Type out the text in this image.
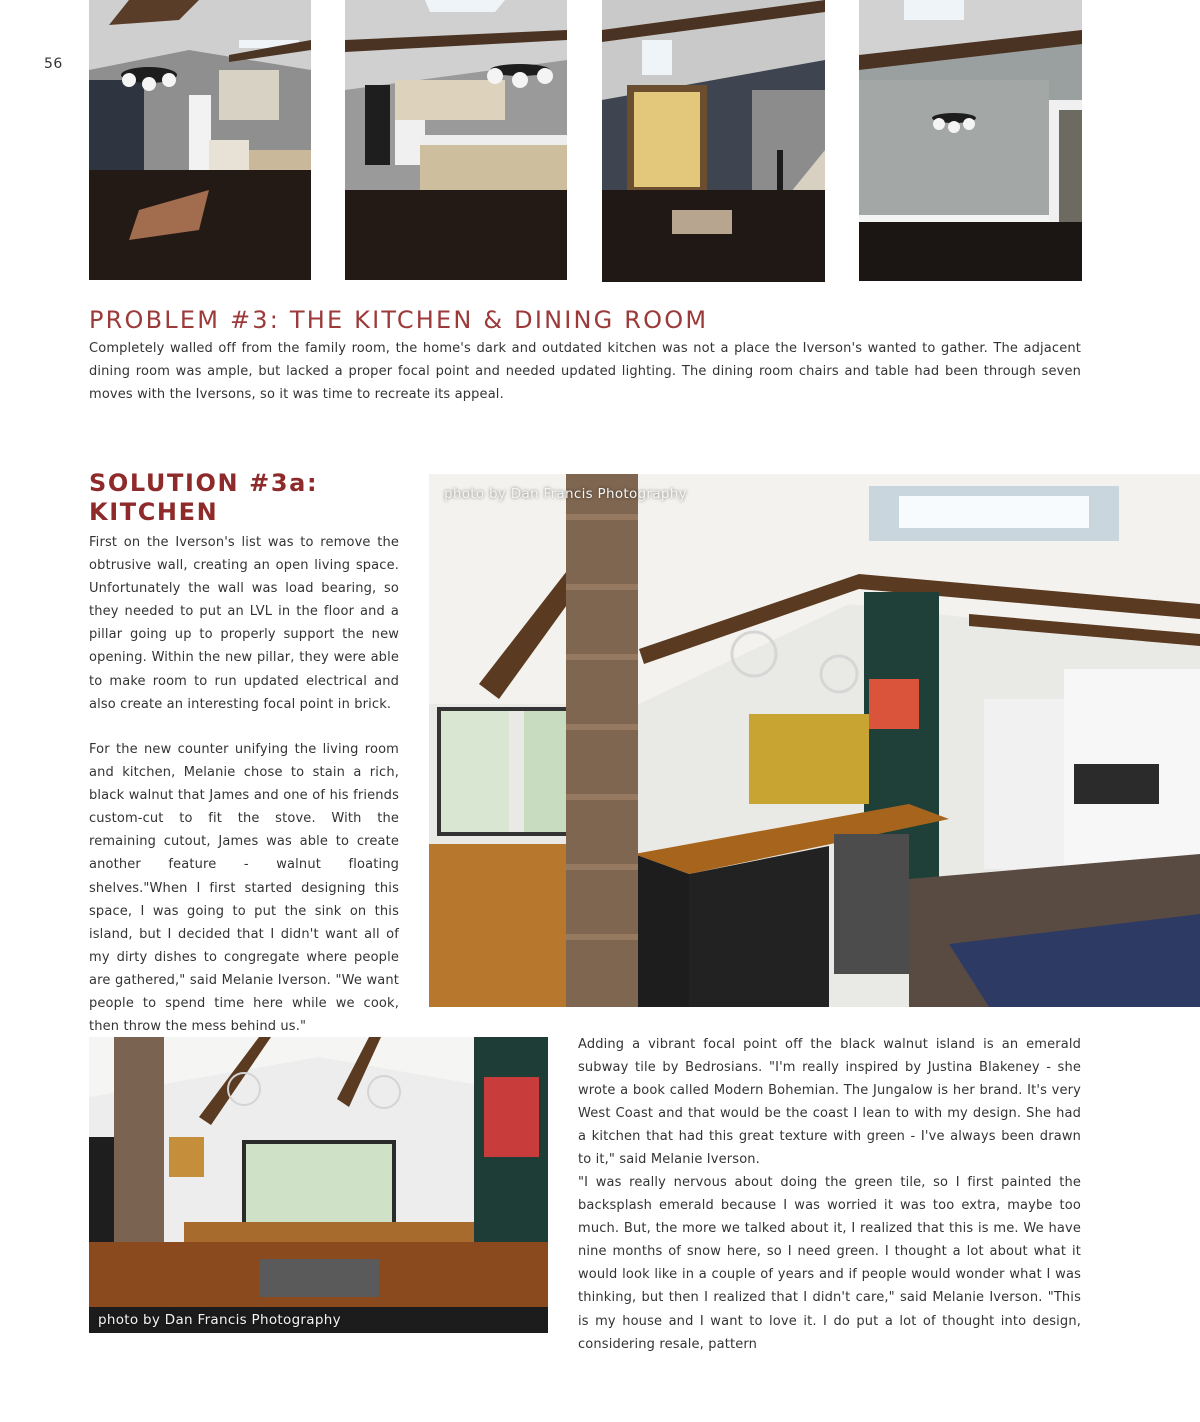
56
PROBLEM #3: THE KITCHEN & DINING ROOM

Completely walled off from the family room, the home's dark and outdated kitchen was not a place the Iverson's wanted to gather. The adjacent dining room was ample, but lacked a proper focal point and needed updated lighting. The dining room chairs and table had been through seven moves with the Iversons, so it was time to recreate its appeal.

SOLUTION #3a:
KITCHEN

First on the Iverson's list was to remove the obtrusive wall, creating an open living space. Unfortunately the wall was load bearing, so they needed to put an LVL in the floor and a pillar going up to properly support the new opening. Within the new pillar, they were able to make room to run updated electrical and also create an interesting focal point in brick.

For the new counter unifying the living room and kitchen, Melanie chose to stain a rich, black walnut that James and one of his friends custom-cut to fit the stove. With the remaining cutout, James was able to create another feature - walnut floating shelves."When I first started designing this space, I was going to put the sink on this island, but I decided that I didn't want all of my dirty dishes to congregate where people are gathered," said Melanie Iverson. "We want people to spend time here while we cook, then throw the mess behind us."

photo by Dan Francis Photography
photo by Dan Francis Photography

Adding a vibrant focal point off the black walnut island is an emerald subway tile by Bedrosians. "I'm really inspired by Justina Blakeney - she wrote a book called Modern Bohemian. The Jungalow is her brand. It's very West Coast and that would be the coast I lean to with my design. She had a kitchen that had this great texture with green - I've always been drawn to it," said Melanie Iverson.

"I was really nervous about doing the green tile, so I first painted the backsplash emerald because I was worried it was too extra, maybe too much. But, the more we talked about it, I realized that this is me. We have nine months of snow here, so I need green. I thought a lot about what it would look like in a couple of years and if people would wonder what I was thinking, but then I realized that I didn't care," said Melanie Iverson. "This is my house and I want to love it. I do put a lot of thought into design, considering resale, pattern
